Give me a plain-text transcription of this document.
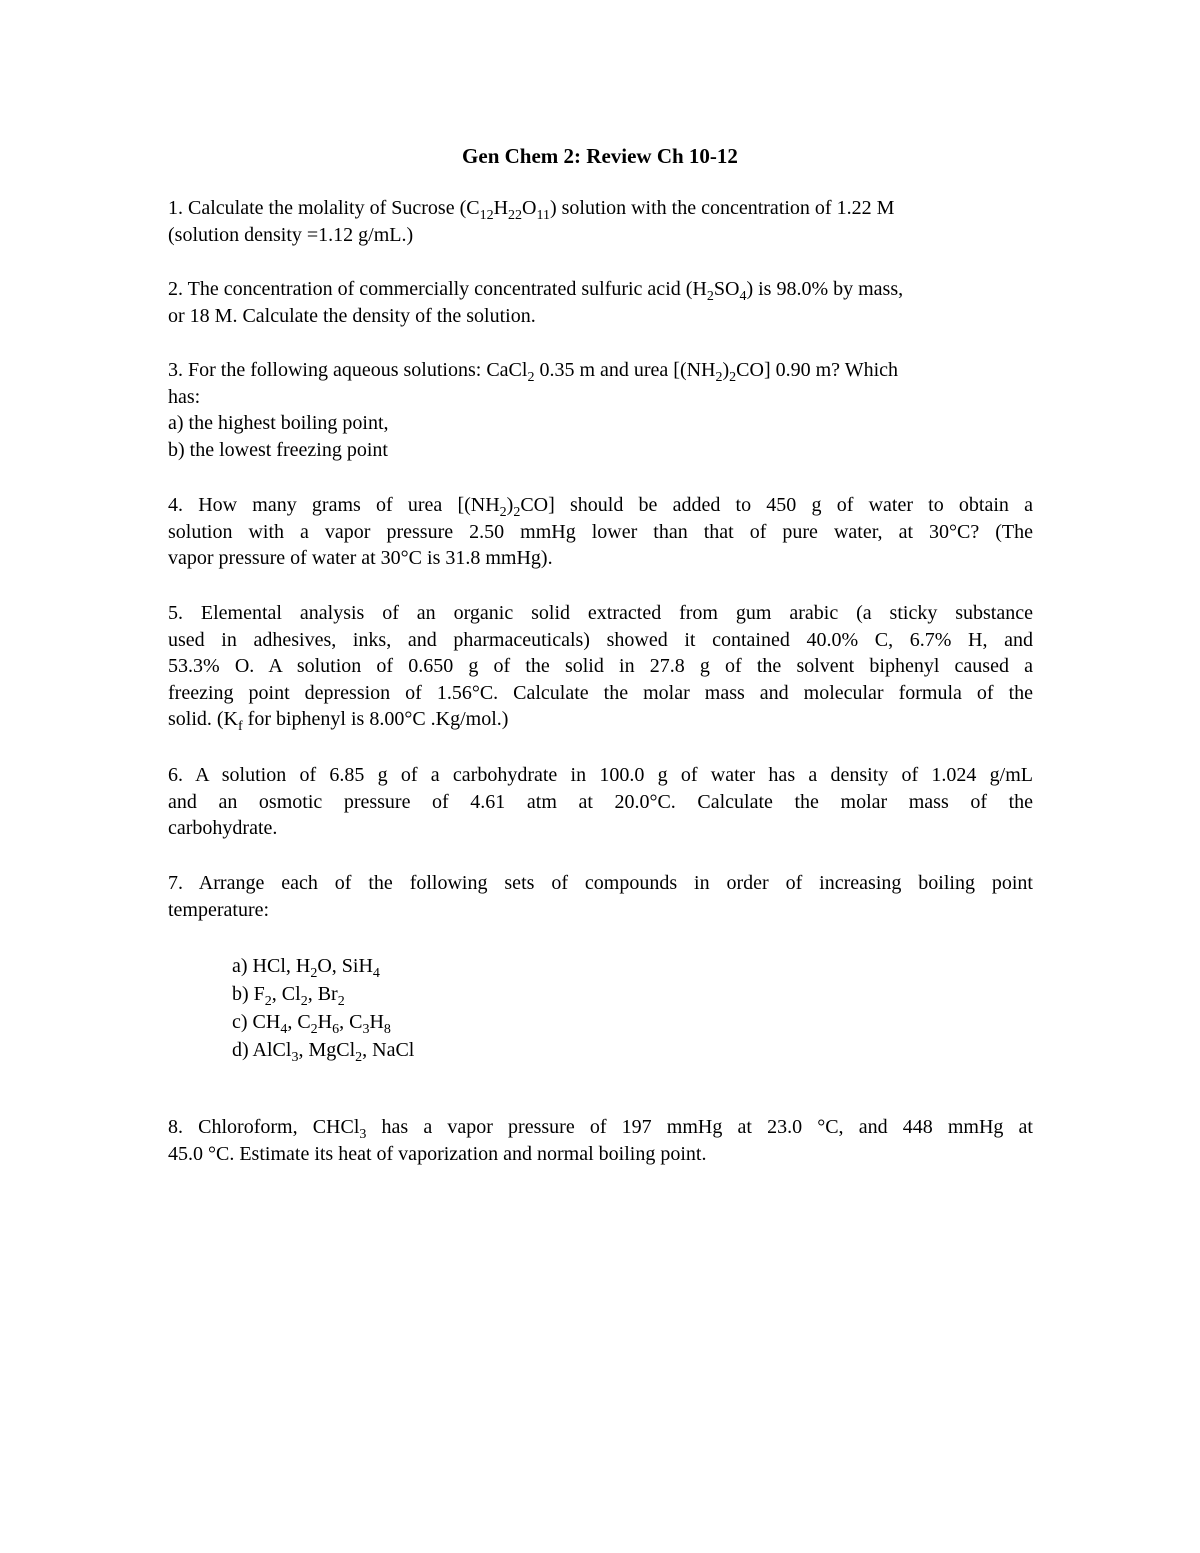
Gen Chem 2: Review Ch 10-12
1. Calculate the molality of Sucrose $(C_{12}H_{22}O_{11})$ solution with the concentration of 1.22 M
(solution density =1.12 g/mL.)
2. The concentration of commercially concentrated sulfuric acid $(H_2SO_4)$ is 98.0% by mass,
or 18 M. Calculate the density of the solution.
3. For the following aqueous solutions: CaCl$_2$ 0.35 m and urea $[(NH_2)_2CO]$ 0.90 m? Which
has:
a) the highest boiling point,
b) the lowest freezing point
4. How many grams of urea $[(NH_2)_2CO]$ should be added to 450 g of water to obtain a
solution with a vapor pressure 2.50 mmHg lower than that of pure water, at 30°C? (The
vapor pressure of water at 30°C is 31.8 mmHg).
5. Elemental analysis of an organic solid extracted from gum arabic (a sticky substance
used in adhesives, inks, and pharmaceuticals) showed it contained 40.0% C, 6.7% H, and
53.3% O. A solution of 0.650 g of the solid in 27.8 g of the solvent biphenyl caused a
freezing point depression of 1.56°C. Calculate the molar mass and molecular formula of the
solid. ($K_f$ for biphenyl is 8.00°C .Kg/mol.)
6. A solution of 6.85 g of a carbohydrate in 100.0 g of water has a density of 1.024 g/mL
and an osmotic pressure of 4.61 atm at 20.0°C. Calculate the molar mass of the
carbohydrate.
7. Arrange each of the following sets of compounds in order of increasing boiling point
temperature:
a) HCl, $H_2O$, SiH$_4$
b) $F_2$, $Cl_2$, $Br_2$
c) $CH_4$, $C_2H_6$, $C_3H_8$
d) AlCl$_3$, MgCl$_2$, NaCl
8. Chloroform, CHCl$_3$ has a vapor pressure of 197 mmHg at 23.0 °C, and 448 mmHg at
45.0 °C. Estimate its heat of vaporization and normal boiling point.
